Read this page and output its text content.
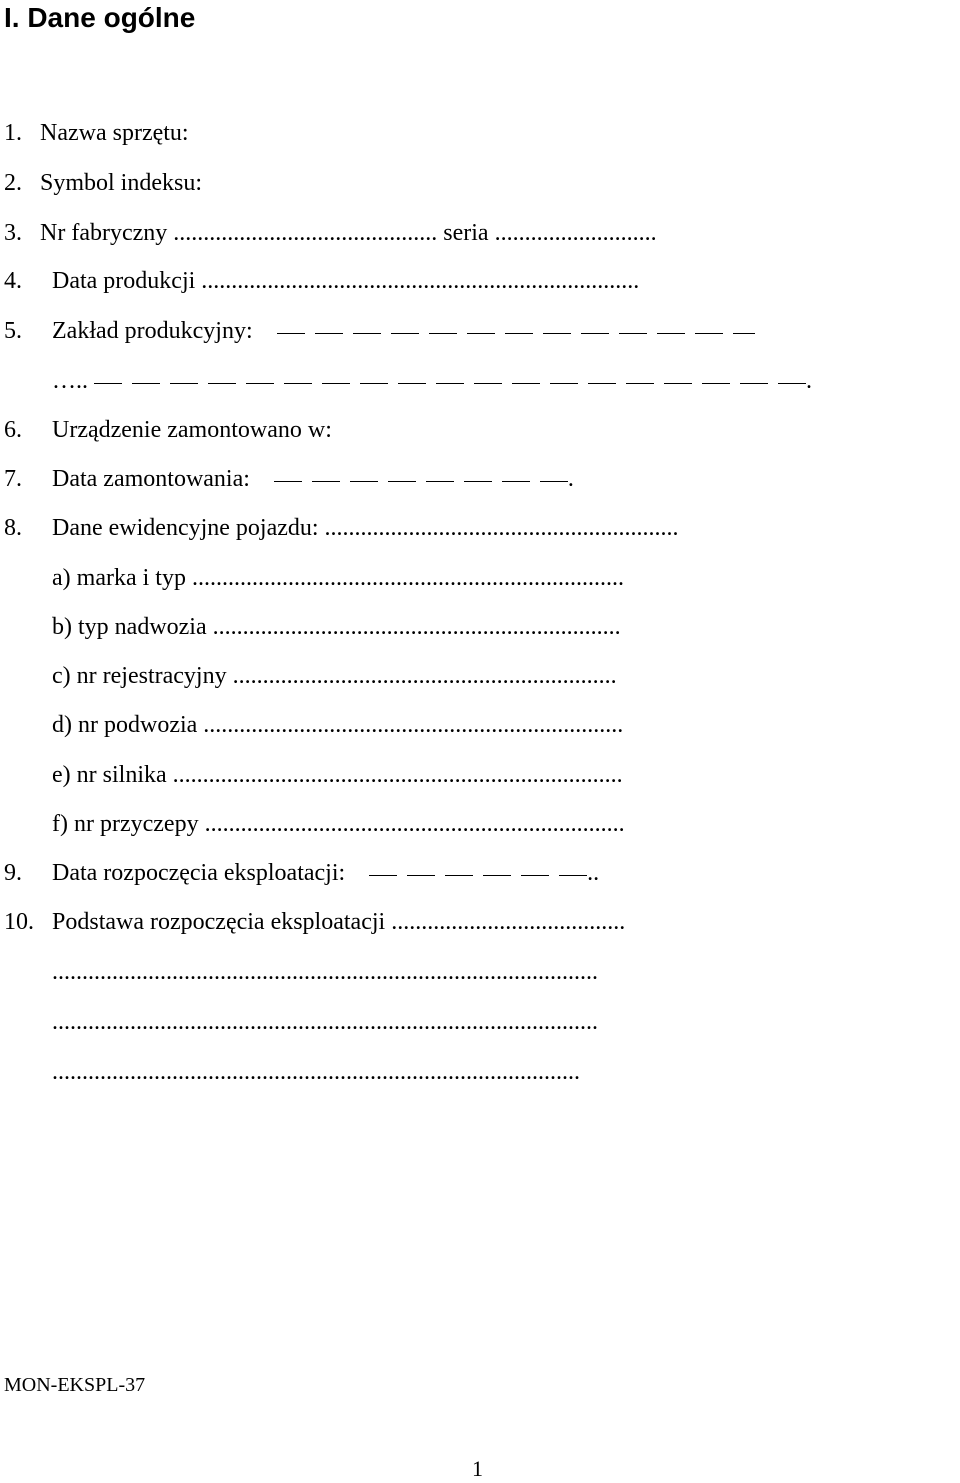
I. Dane ogólne
1. Nazwa sprzętu:
2. Symbol indeksu:
3. Nr fabryczny ............................................ seria ...........................
4. Data produkcji .........................................................................
5. Zakład produkcyjny:
…..	.
6. Urządzenie zamontowano w:
7. Data zamontowania:	.
8. Dane ewidencyjne pojazdu: ...........................................................
a) marka i typ ........................................................................
b) typ nadwozia ....................................................................
c) nr rejestracyjny ................................................................
d) nr podwozia ......................................................................
e) nr silnika ...........................................................................
f) nr przyczepy ......................................................................
9. Data rozpoczęcia eksploatacji:	..
10. Podstawa rozpoczęcia eksploatacji .......................................
...........................................................................................
...........................................................................................
........................................................................................
MON-EKSPL-37
1
